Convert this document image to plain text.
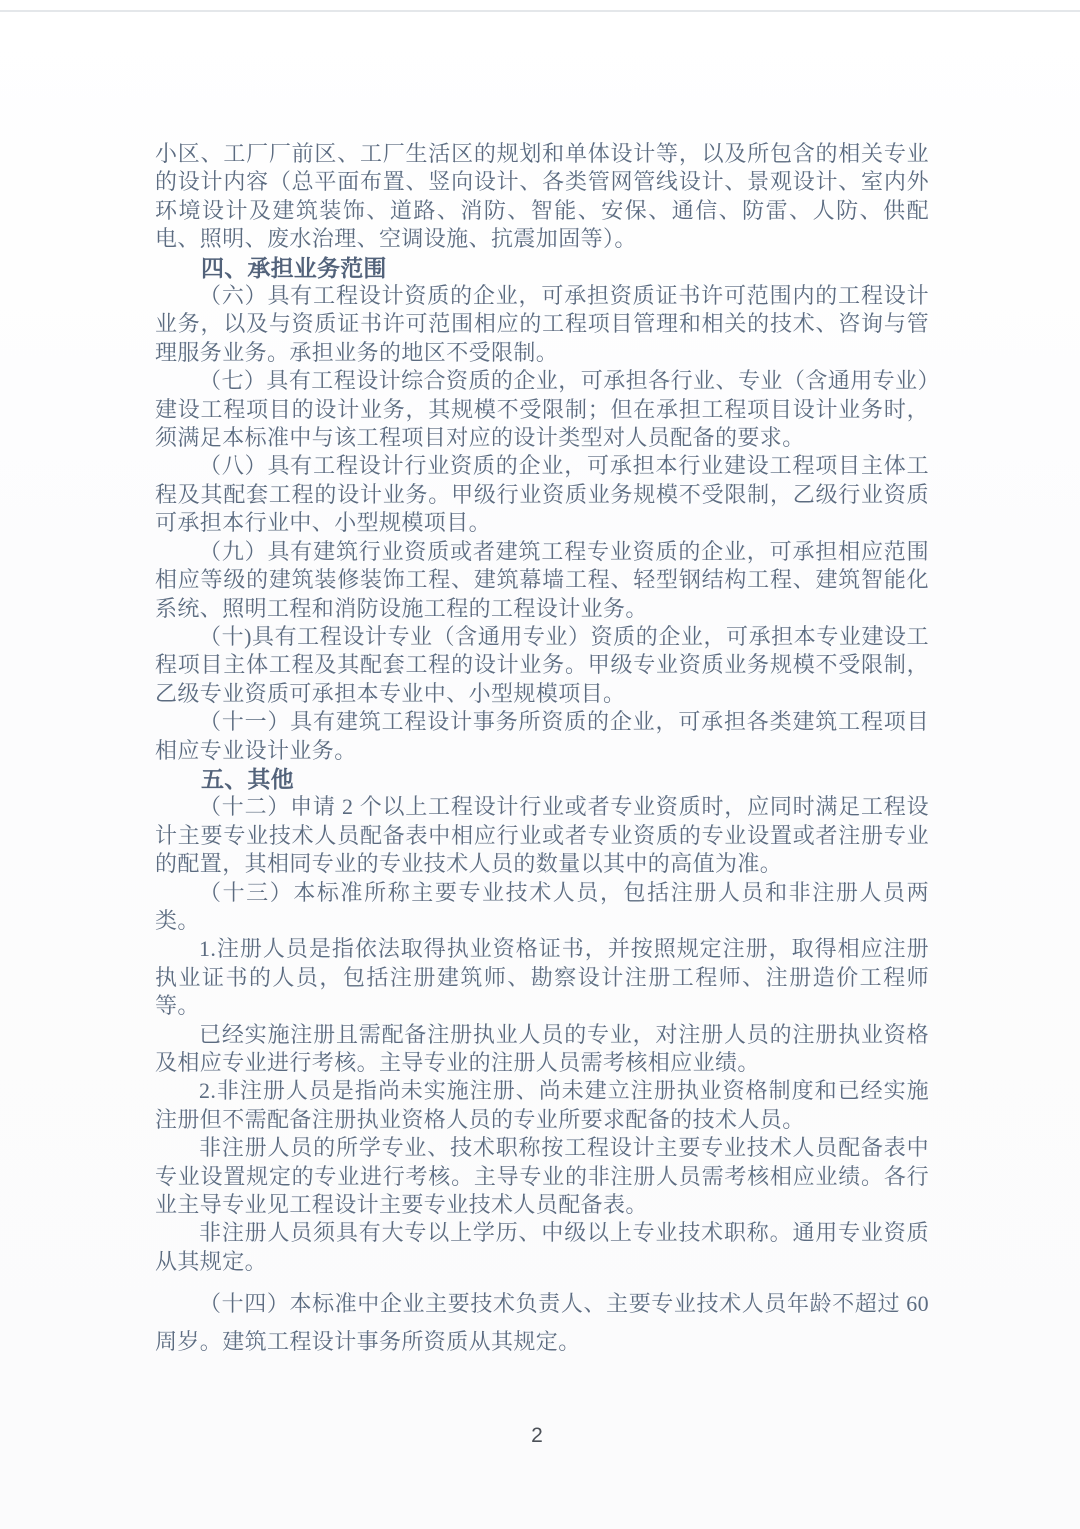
小区、工厂厂前区、工厂生活区的规划和单体设计等，以及所包含的相关专业的设计内容（总平面布置、竖向设计、各类管网管线设计、景观设计、室内外环境设计及建筑装饰、道路、消防、智能、安保、通信、防雷、人防、供配电、照明、废水治理、空调设施、抗震加固等）。

四、承担业务范围

（六）具有工程设计资质的企业，可承担资质证书许可范围内的工程设计业务，以及与资质证书许可范围相应的工程项目管理和相关的技术、咨询与管理服务业务。承担业务的地区不受限制。

（七）具有工程设计综合资质的企业，可承担各行业、专业（含通用专业）建设工程项目的设计业务，其规模不受限制；但在承担工程项目设计业务时，须满足本标准中与该工程项目对应的设计类型对人员配备的要求。

（八）具有工程设计行业资质的企业，可承担本行业建设工程项目主体工程及其配套工程的设计业务。甲级行业资质业务规模不受限制，乙级行业资质可承担本行业中、小型规模项目。

（九）具有建筑行业资质或者建筑工程专业资质的企业，可承担相应范围相应等级的建筑装修装饰工程、建筑幕墙工程、轻型钢结构工程、建筑智能化系统、照明工程和消防设施工程的工程设计业务。

（十)具有工程设计专业（含通用专业）资质的企业，可承担本专业建设工程项目主体工程及其配套工程的设计业务。甲级专业资质业务规模不受限制，乙级专业资质可承担本专业中、小型规模项目。

（十一）具有建筑工程设计事务所资质的企业，可承担各类建筑工程项目相应专业设计业务。

五、其他

（十二）申请 2 个以上工程设计行业或者专业资质时，应同时满足工程设计主要专业技术人员配备表中相应行业或者专业资质的专业设置或者注册专业的配置，其相同专业的专业技术人员的数量以其中的高值为准。

（十三）本标准所称主要专业技术人员，包括注册人员和非注册人员两类。

1.注册人员是指依法取得执业资格证书，并按照规定注册，取得相应注册执业证书的人员，包括注册建筑师、勘察设计注册工程师、注册造价工程师等。

已经实施注册且需配备注册执业人员的专业，对注册人员的注册执业资格及相应专业进行考核。主导专业的注册人员需考核相应业绩。

2.非注册人员是指尚未实施注册、尚未建立注册执业资格制度和已经实施注册但不需配备注册执业资格人员的专业所要求配备的技术人员。

非注册人员的所学专业、技术职称按工程设计主要专业技术人员配备表中专业设置规定的专业进行考核。主导专业的非注册人员需考核相应业绩。各行业主导专业见工程设计主要专业技术人员配备表。

非注册人员须具有大专以上学历、中级以上专业技术职称。通用专业资质从其规定。

（十四）本标准中企业主要技术负责人、主要专业技术人员年龄不超过 60 周岁。建筑工程设计事务所资质从其规定。

2
